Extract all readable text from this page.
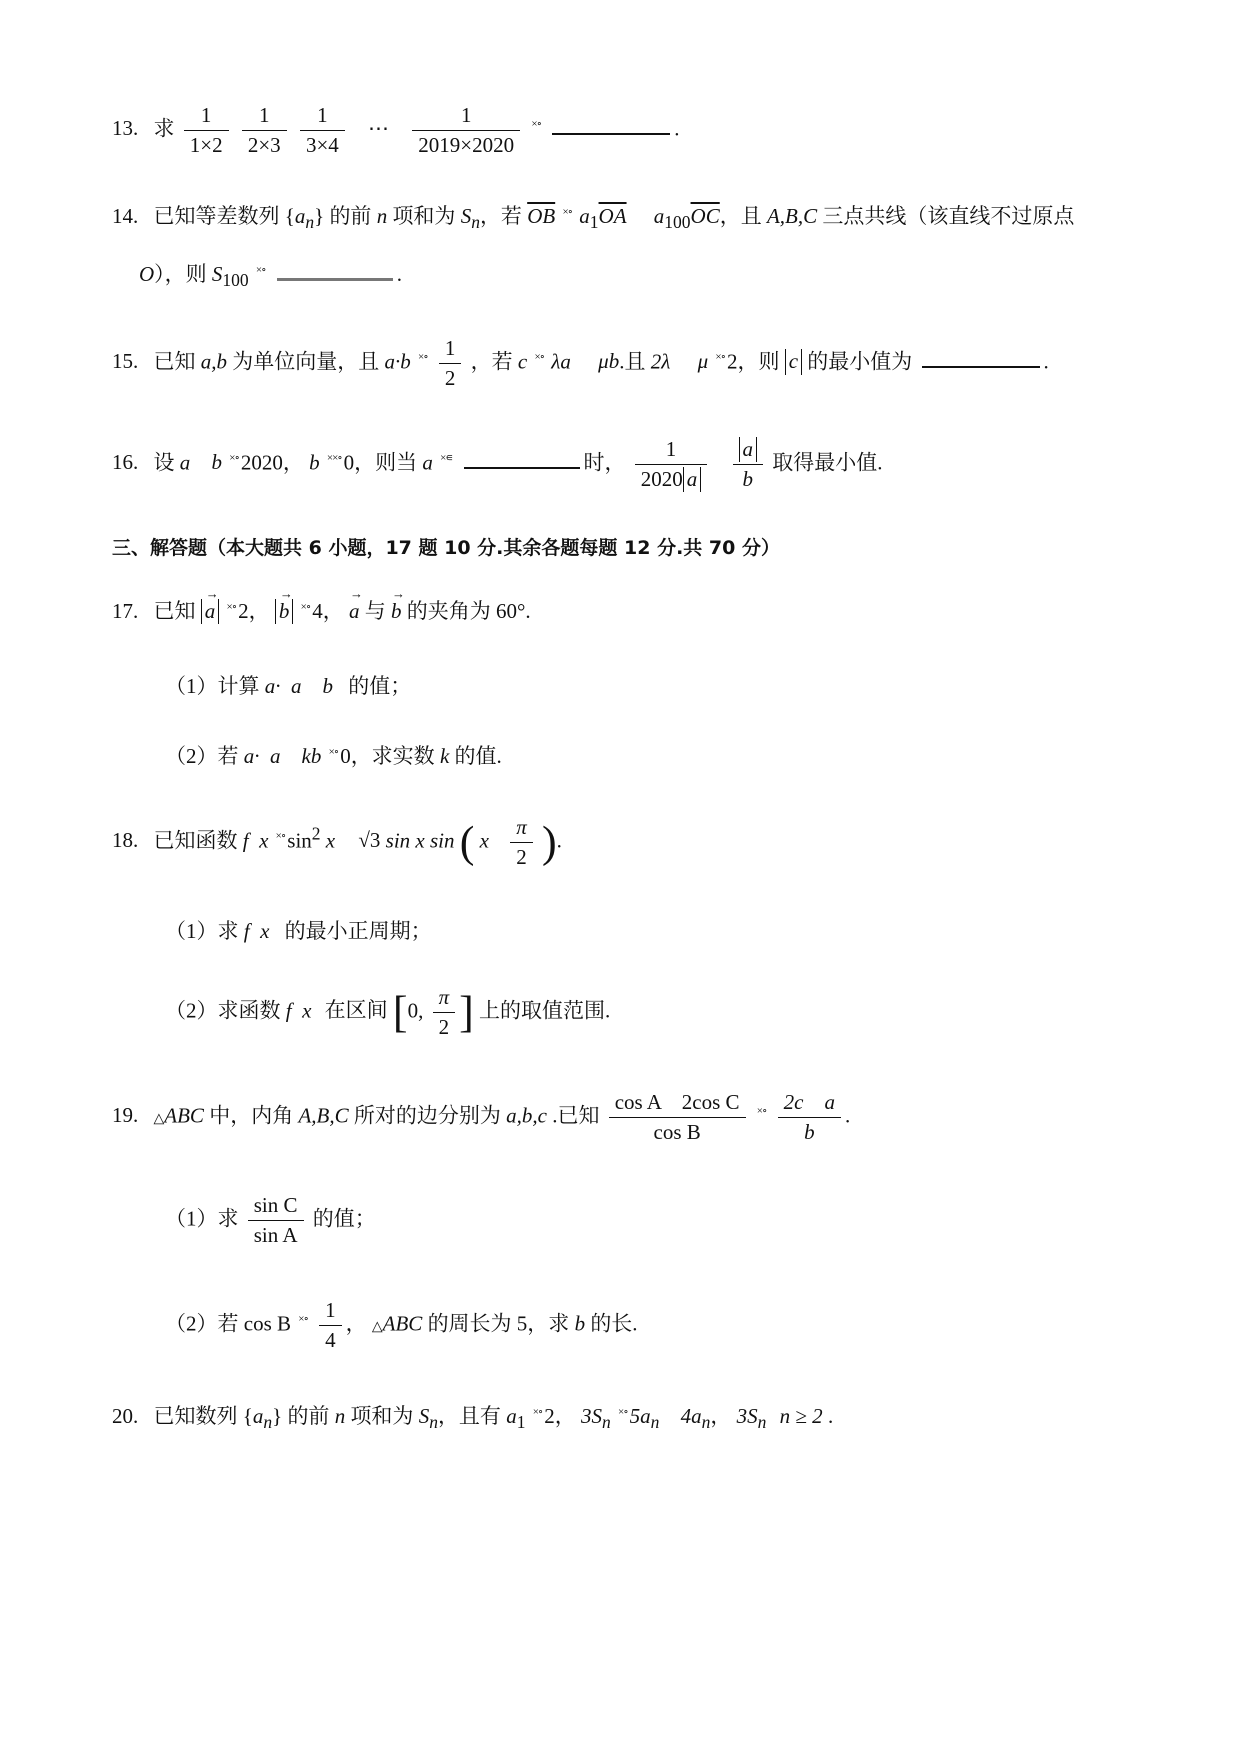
13. 求 $\frac{1}{1\times 2}$
$\frac{1}{2\times 3}$
$\frac{1}{3\times 4}$ ⋯ $\frac{1}{2019\times 2020} ^{\times\circ}$	.
14. 已知等差数列 $\{a_n\}$ 的前 n 项和为 $S_n$，若 $\overline{OB}$ ×∘ $a_1\overline{OA}$ $a_{100}\overline{OC}$，且 A,B,C 三点共线（该直线不过原点
O），则 $S_{100}$ ×∘	.
15. 已知 a,b 为单位向量，且 a·b $^{\times\circ} \frac{1}{2}$ ，若 c ×∘ λa μb.且 2λ μ ×∘2，则 c 的最小值为	.
16. 设 a b ×∘2020， b ××∘0，则当 a ×∊	时， $\frac{1}{2020 a}$
$\frac{a}{b}$ 取得最小值.
三、解答题（本大题共 6 小题，17 题 10 分.其余各题每题 12 分.共 70 分）
17. 已知 → a ×∘2， → b ×∘4， → a 与 → b 的夹角为 60°.
（1）计算 a·  a    b 的值；
（2）若 a·  a    kb ×∘0，求实数 k 的值.
18. 已知函数 f  x $^{\times\circ}\sin^2$ x √3 sin x sin ( x $\frac{\pi}{2}$ ).
（1）求 f  x 的最小正周期；
（2）求函数 f  x 在区间 [0, $\frac{\pi}{2}$ ] 上的取值范围.
19. △ABC 中，内角 A,B,C 所对的边分别为 a,b,c .已知 $\frac{\text{cos A    2cos C}}{\text{cos B}} ^{\times\circ} \frac{\text{2c    a}}{b}$ .
（1）求 $\frac{\text{sin C}}{\text{sin A}}$ 的值；
（2）若 cos B $^{\times\circ} \frac{1}{4}$ ， △ABC 的周长为 5，求 b 的长.
20. 已知数列 $\{a_n\}$ 的前 n 项和为 $S_n$，且有 $a_1$ ×∘2， $3S_n$ $^{\times\circ}5a_n$ $4a_n$， $3S_n$ n ≥ 2 .
